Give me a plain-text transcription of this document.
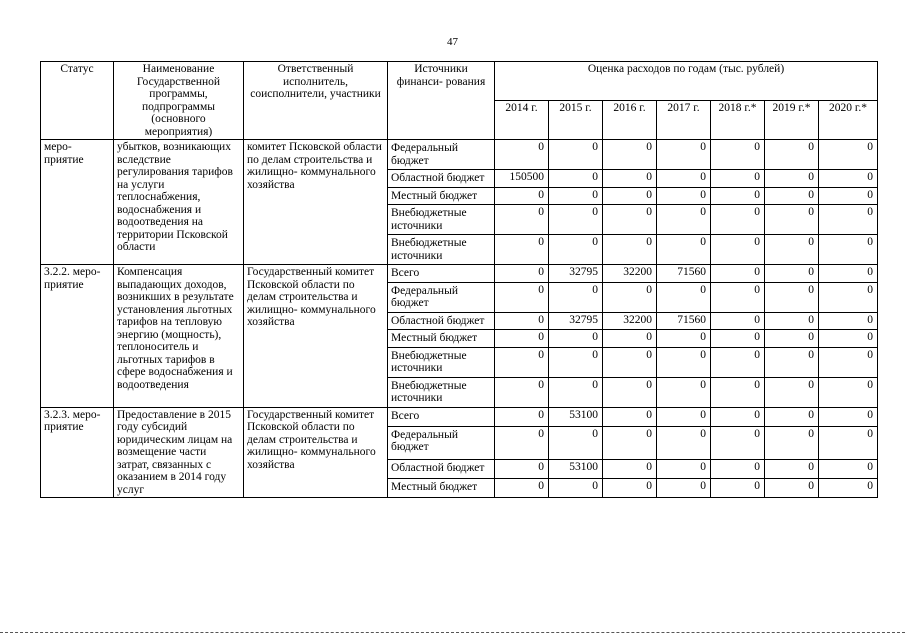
47
Статус	Наименование Государственной программы, подпрограммы (основного мероприятия)	Ответственный исполнитель, соисполнители, участники	Источники финанси- рования	Оценка расходов по годам (тыс. рублей)						
				2014 г.	2015 г.	2016 г.	2017 г.	2018 г.*	2019 г.*	2020 г.*
меро- приятие	убытков, возникающих вследствие регулирования тарифов на услуги теплоснабжения, водоснабжения и водоотведения на территории Псковской области	комитет Псковской области по делам строительства и жилищно- коммунального хозяйства	Федеральный бюджет	0	0	0	0	0	0	0
			Областной бюджет	150500	0	0	0	0	0	0
			Местный бюджет	0	0	0	0	0	0	0
			Внебюджетные источники	0	0	0	0	0	0	0
			Внебюджетные источники	0	0	0	0	0	0	0
3.2.2. меро- приятие	Компенсация выпадающих доходов, возникших в результате установления льготных тарифов на тепловую энергию (мощность), теплоноситель и льготных тарифов в сфере водоснабжения и водоотведения	Государственный комитет Псковской области по делам строительства и жилищно- коммунального хозяйства	Всего	0	32795	32200	71560	0	0	0
			Федеральный бюджет	0	0	0	0	0	0	0
			Областной бюджет	0	32795	32200	71560	0	0	0
			Местный бюджет	0	0	0	0	0	0	0
			Внебюджетные источники	0	0	0	0	0	0	0
			Внебюджетные источники	0	0	0	0	0	0	0
3.2.3. меро- приятие	Предоставление в 2015 году субсидий юридическим лицам на возмещение части затрат, связанных с оказанием в 2014 году услуг	Государственный комитет Псковской области по делам строительства и жилищно- коммунального хозяйства	Всего	0	53100	0	0	0	0	0
			Федеральный бюджет	0	0	0	0	0	0	0
			Областной бюджет	0	53100	0	0	0	0	0
			Местный бюджет	0	0	0	0	0	0	0
